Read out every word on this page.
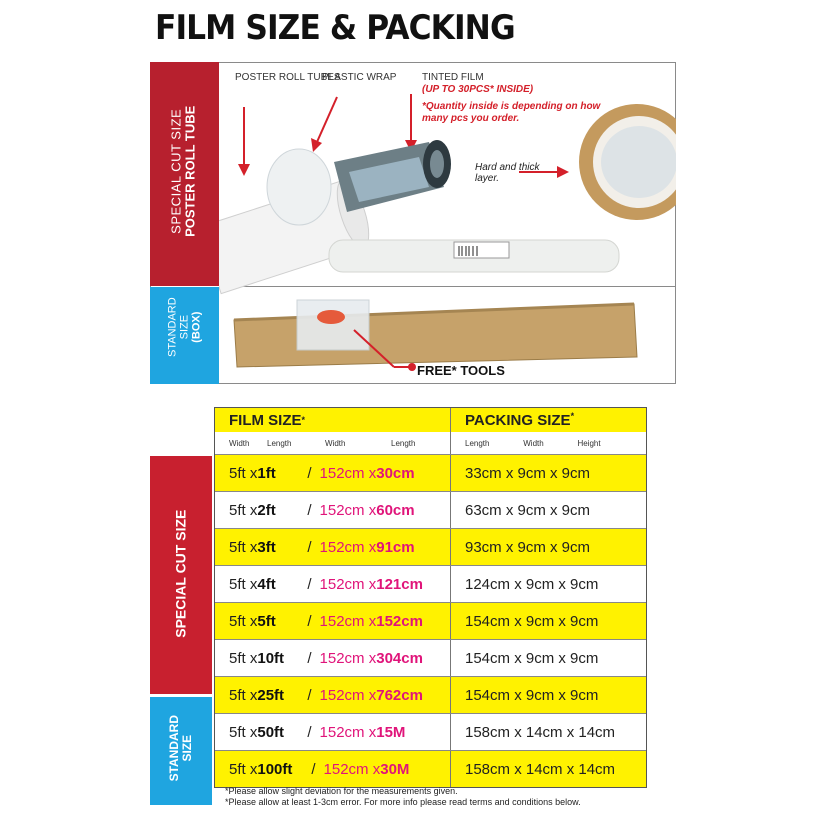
FILM SIZE & PACKING
SPECIAL CUT SIZE POSTER ROLL TUBE
STANDARD SIZE (BOX)
POSTER ROLL TUBES
PLASTIC WRAP	TINTED FILM
(UP TO 30PCS* INSIDE)
*Quantity inside is depending on how many pcs you order.
Hard and thick layer.
FREE* TOOLS
SPECIAL CUT SIZE
STANDARD SIZE
FILM SIZE *	PACKING SIZE*
Width	Length	Width	Length	Length	Width	Height
5ft x 1ft	/ 152cm x 30cm	33cm x 9cm x 9cm
5ft x 2ft	/ 152cm x 60cm	63cm x 9cm x 9cm
5ft x 3ft	/ 152cm x 91cm	93cm x 9cm x 9cm
5ft x 4ft	/ 152cm x 121cm	124cm x 9cm x 9cm
5ft x 5ft	/ 152cm x 152cm	154cm x 9cm x 9cm
5ft x 10ft	/ 152cm x 304cm	154cm x 9cm x 9cm
5ft x 25ft	/ 152cm x 762cm	154cm x 9cm x 9cm
5ft x 50ft	/ 152cm x 15M	158cm x 14cm x 14cm
5ft x 100ft	/ 152cm x 30M	158cm x 14cm x 14cm
*Please allow slight deviation for the measurements given.
*Please allow at least 1-3cm error. For more info please read terms and conditions below.
